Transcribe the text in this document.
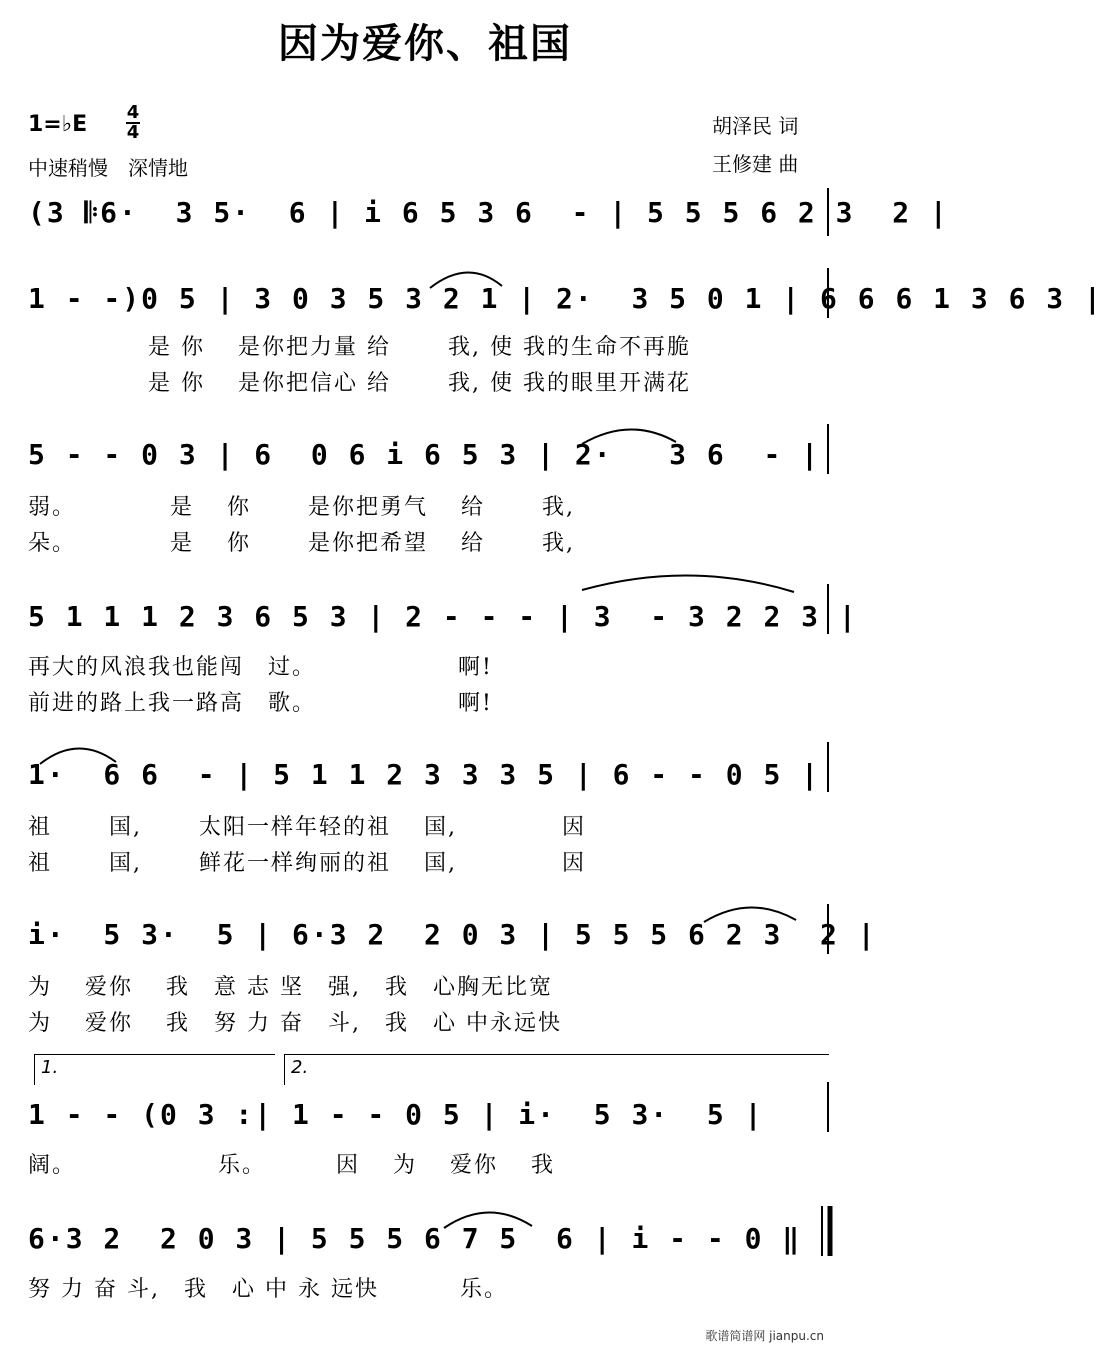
因为爱你、祖国
1=♭E 4
4
中速稍慢　深情地
胡泽民 词
王修建 曲
(3 𝄆6·  3 5·  6 | i 6 5 3 6  - | 5 5 5 6 2 3  2 |
1 - -)0 5 | 3 0 3 5 3 2 1 | 2·  3 5 0 1 | 6 6 6 1 3 6 3 |
　　　　　是 你　 是你把力量 给　　 我, 使 我的生命不再脆
　　　　　是 你　 是你把信心 给　　 我, 使 我的眼里开满花
5 - - 0 3 | 6  0 6 i 6 5 3 | 2·   3 6  - |
弱。　　　　 是　 你　　 是你把勇气　 给　　 我,
朵。　　　　 是　 你　　 是你把希望　 给　　 我,
5 1 1 1 2 3 6 5 3 | 2 - - - | 3  - 3 2 2 3 |
再大的风浪我也能闯　过。　　　　　　 啊!
前进的路上我一路高　歌。　　　　　　 啊!
1·  6 6  - | 5 1 1 2 3 3 3 5 | 6 - - 0 5 |
祖　　 国,　　 太阳一样年轻的祖　 国,　　　　 因
祖　　 国,　　 鲜花一样绚丽的祖　 国,　　　　 因
i·  5 3·  5 | 6·3 2  2 0 3 | 5 5 5 6 2 3  2 |
为　 爱你　 我　意 志 坚　强,　我　心胸无比宽
为　 爱你　 我　努 力 奋　斗,　我　心 中永远快
1.	2.
1 - - (0 3 :| 1 - - 0 5 | i·  5 3·  5 |
阔。　　　　　　 乐。　　　 因　 为　 爱你　 我
6·3 2  2 0 3 | 5 5 5 6 7 5  6 | i - - 0 ‖
努 力 奋 斗,　我　心 中 永 远快　　　 乐。
歌谱简谱网 jianpu.cn
